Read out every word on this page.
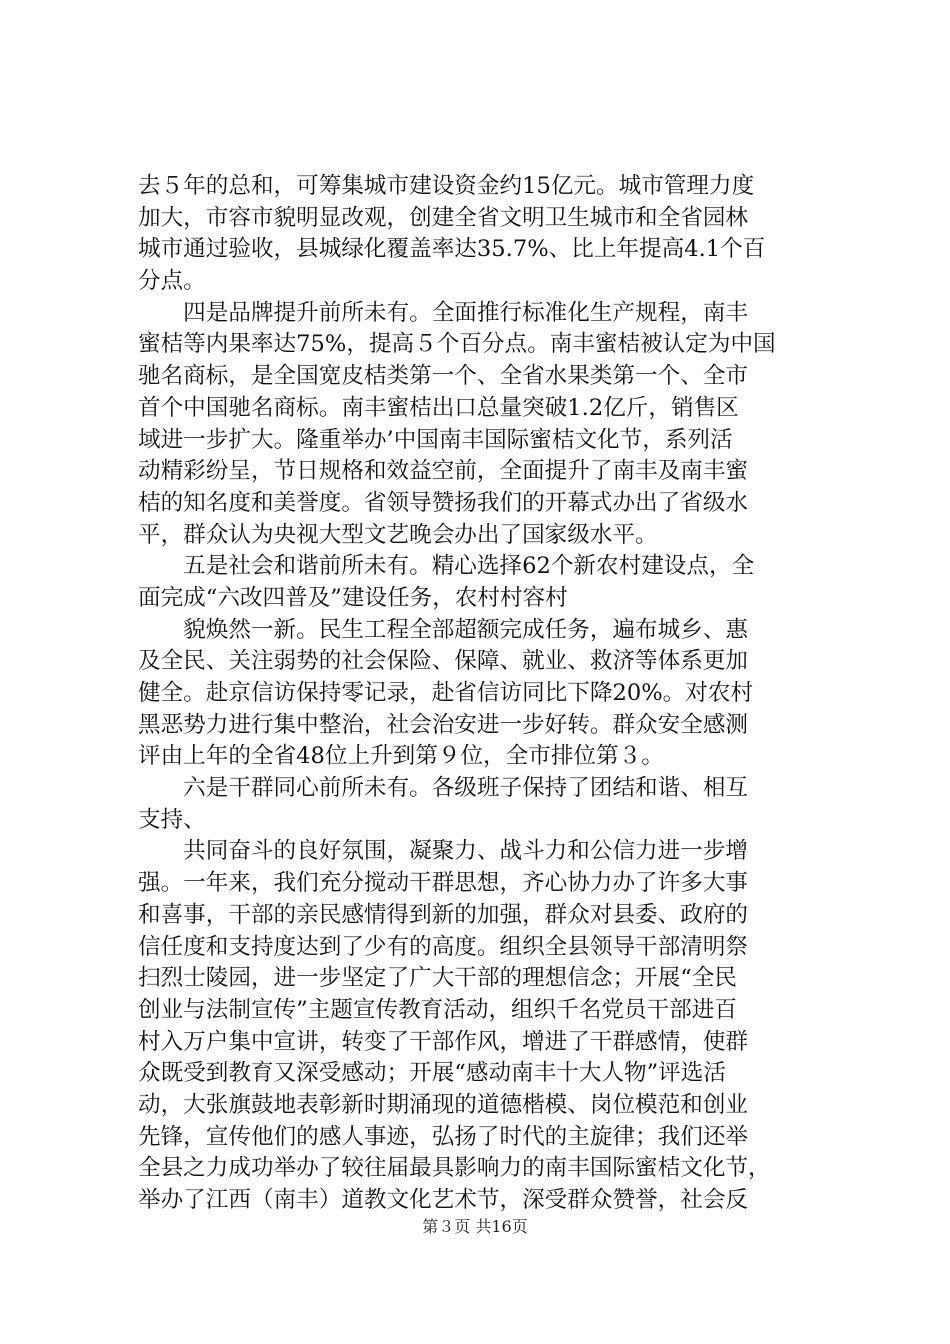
去５年的总和，可筹集城市建设资金约15亿元。城市管理力度
加大，市容市貌明显改观，创建全省文明卫生城市和全省园林
城市通过验收，县城绿化覆盖率达35.7%、比上年提高4.1个百
分点。
　　四是品牌提升前所未有。全面推行标准化生产规程，南丰
蜜桔等内果率达75%，提高５个百分点。南丰蜜桔被认定为中国
驰名商标，是全国宽皮桔类第一个、全省水果类第一个、全市
首个中国驰名商标。南丰蜜桔出口总量突破1.2亿斤，销售区
域进一步扩大。隆重举办’中国南丰国际蜜桔文化节，系列活
动精彩纷呈，节日规格和效益空前，全面提升了南丰及南丰蜜
桔的知名度和美誉度。省领导赞扬我们的开幕式办出了省级水
平，群众认为央视大型文艺晚会办出了国家级水平。
　　五是社会和谐前所未有。精心选择62个新农村建设点，全
面完成“六改四普及”建设任务，农村村容村
　　貌焕然一新。民生工程全部超额完成任务，遍布城乡、惠
及全民、关注弱势的社会保险、保障、就业、救济等体系更加
健全。赴京信访保持零记录，赴省信访同比下降20%。对农村
黑恶势力进行集中整治，社会治安进一步好转。群众安全感测
评由上年的全省48位上升到第９位，全市排位第３。
　　六是干群同心前所未有。各级班子保持了团结和谐、相互
支持、
　　共同奋斗的良好氛围，凝聚力、战斗力和公信力进一步增
强。一年来，我们充分搅动干群思想，齐心协力办了许多大事
和喜事，干部的亲民感情得到新的加强，群众对县委、政府的
信任度和支持度达到了少有的高度。组织全县领导干部清明祭
扫烈士陵园，进一步坚定了广大干部的理想信念；开展“全民
创业与法制宣传”主题宣传教育活动，组织千名党员干部进百
村入万户集中宣讲，转变了干部作风，增进了干群感情，使群
众既受到教育又深受感动；开展“感动南丰十大人物”评选活
动，大张旗鼓地表彰新时期涌现的道德楷模、岗位模范和创业
先锋，宣传他们的感人事迹，弘扬了时代的主旋律；我们还举
全县之力成功举办了较往届最具影响力的南丰国际蜜桔文化节，
举办了江西（南丰）道教文化艺术节，深受群众赞誉，社会反
第３页 共16页
